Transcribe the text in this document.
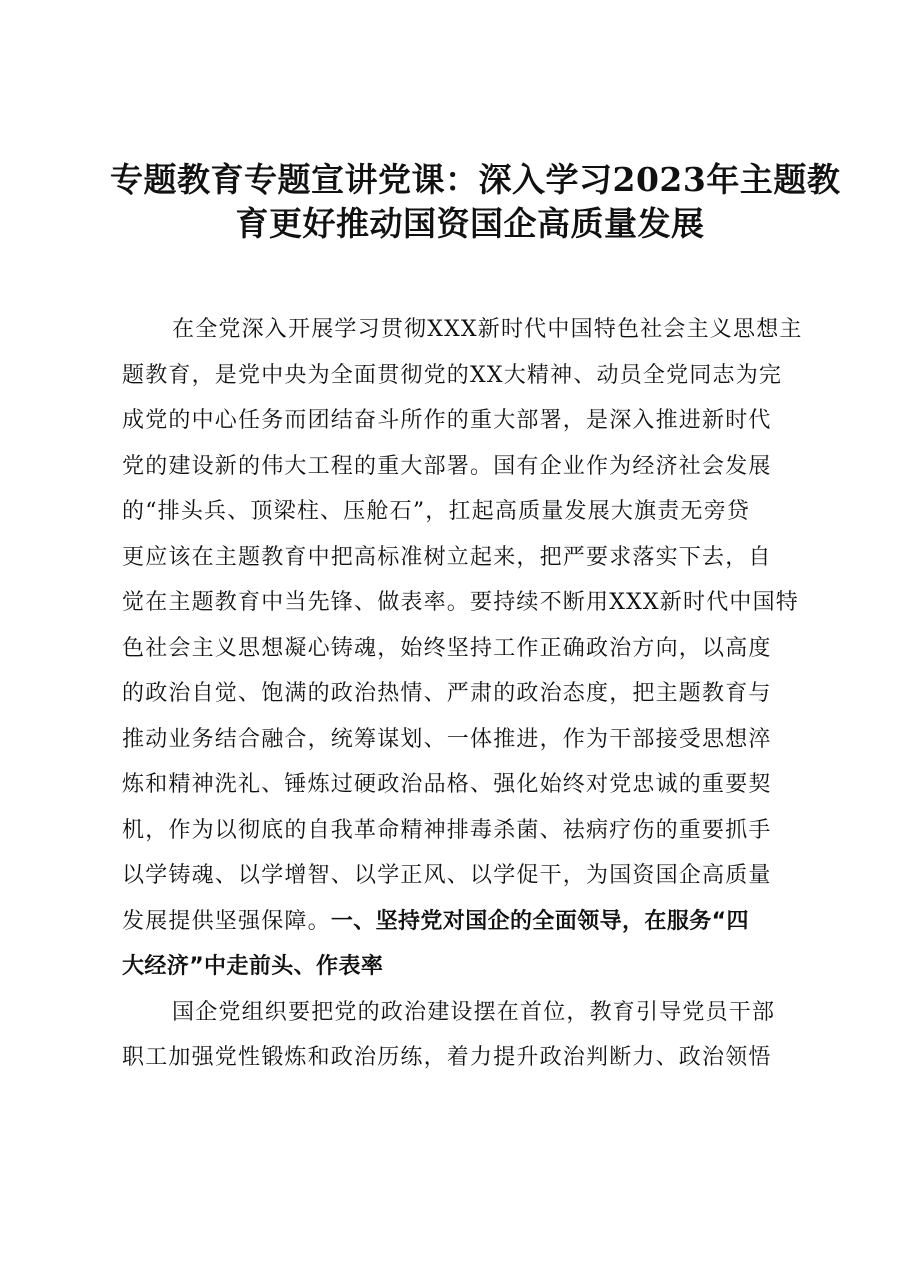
专题教育专题宣讲党课：深入学习2023年主题教
育更好推动国资国企高质量发展
在全党深入开展学习贯彻XXX新时代中国特色社会主义思想主
题教育，是党中央为全面贯彻党的XX大精神、动员全党同志为完
成党的中心任务而团结奋斗所作的重大部署，是深入推进新时代
党的建设新的伟大工程的重大部署。国有企业作为经济社会发展
的“排头兵、顶梁柱、压舱石”，扛起高质量发展大旗责无旁贷
更应该在主题教育中把高标准树立起来，把严要求落实下去，自
觉在主题教育中当先锋、做表率。要持续不断用XXX新时代中国特
色社会主义思想凝心铸魂，始终坚持工作正确政治方向，以高度
的政治自觉、饱满的政治热情、严肃的政治态度，把主题教育与
推动业务结合融合，统筹谋划、一体推进，作为干部接受思想淬
炼和精神洗礼、锤炼过硬政治品格、强化始终对党忠诚的重要契
机，作为以彻底的自我革命精神排毒杀菌、祛病疗伤的重要抓手
以学铸魂、以学增智、以学正风、以学促干，为国资国企高质量
发展提供坚强保障。一、坚持党对国企的全面领导，在服务“四
大经济”中走前头、作表率
国企党组织要把党的政治建设摆在首位，教育引导党员干部
职工加强党性锻炼和政治历练，着力提升政治判断力、政治领悟
